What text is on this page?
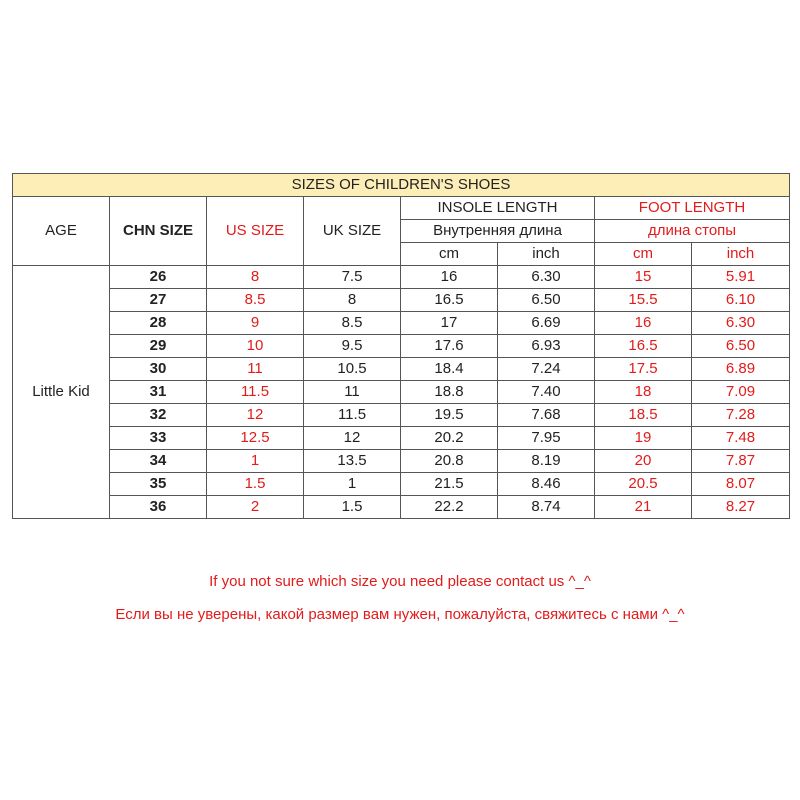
SIZES OF CHILDREN'S SHOES							
AGE	CHN SIZE	US SIZE	UK SIZE	INSOLE LENGTH		FOOT LENGTH	
				Внутренняя длина		длина стопы	
				cm	inch	cm	inch
Little Kid	26	8	7.5	16	6.30	15	5.91
	27	8.5	8	16.5	6.50	15.5	6.10
	28	9	8.5	17	6.69	16	6.30
	29	10	9.5	17.6	6.93	16.5	6.50
	30	11	10.5	18.4	7.24	17.5	6.89
	31	11.5	11	18.8	7.40	18	7.09
	32	12	11.5	19.5	7.68	18.5	7.28
	33	12.5	12	20.2	7.95	19	7.48
	34	1	13.5	20.8	8.19	20	7.87
	35	1.5	1	21.5	8.46	20.5	8.07
	36	2	1.5	22.2	8.74	21	8.27
If you not sure which size you need please contact us ^_^
Если вы не уверены, какой размер вам нужен, пожалуйста, свяжитесь с нами ^_^
